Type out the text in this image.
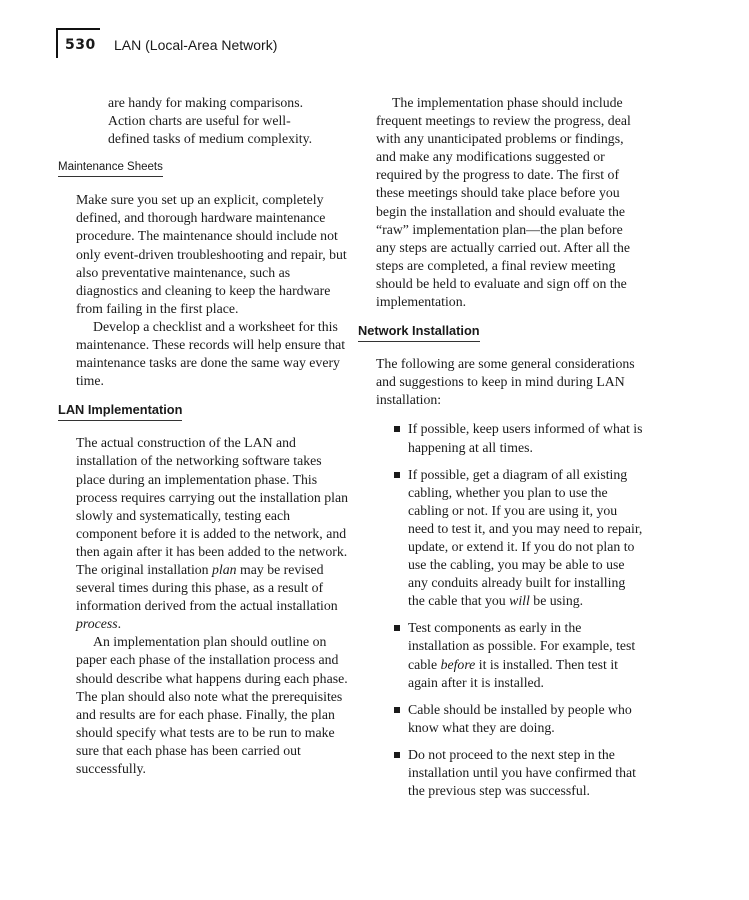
530 LAN (Local-Area Network)
are handy for making comparisons.
Action charts are useful for well-
defined tasks of medium complexity.
Maintenance Sheets

Make sure you set up an explicit, completely defined, and thorough hardware maintenance procedure. The maintenance should include not only event-driven troubleshooting and repair, but also preventative maintenance, such as diagnostics and cleaning to keep the hardware from failing in the first place.

Develop a checklist and a worksheet for this maintenance. These records will help ensure that maintenance tasks are done the same way every time.

LAN Implementation

The actual construction of the LAN and installation of the networking software takes place during an implementation phase. This process requires carrying out the installation plan slowly and systematically, testing each component before it is added to the network, and then again after it has been added to the network. The original installation plan may be revised several times during this phase, as a result of information derived from the actual installation process.

An implementation plan should outline on paper each phase of the installation process and should describe what happens during each phase. The plan should also note what the prerequisites and results are for each phase. Finally, the plan should specify what tests are to be run to make sure that each phase has been carried out successfully.

The implementation phase should include frequent meetings to review the progress, deal with any unanticipated problems or findings, and make any modifications suggested or required by the progress to date. The first of these meetings should take place before you begin the installation and should evaluate the “raw” implementation plan—the plan before any steps are actually carried out. After all the steps are completed, a final review meeting should be held to evaluate and sign off on the implementation.

Network Installation

The following are some general considerations and suggestions to keep in mind during LAN installation:

If possible, keep users informed of what is happening at all times.
If possible, get a diagram of all existing cabling, whether you plan to use the cabling or not. If you are using it, you need to test it, and you may need to repair, update, or extend it. If you do not plan to use the cabling, you may be able to use any conduits already built for installing the cable that you will be using.
Test components as early in the installation as possible. For example, test cable before it is installed. Then test it again after it is installed.
Cable should be installed by people who know what they are doing.
Do not proceed to the next step in the installation until you have confirmed that the previous step was successful.
